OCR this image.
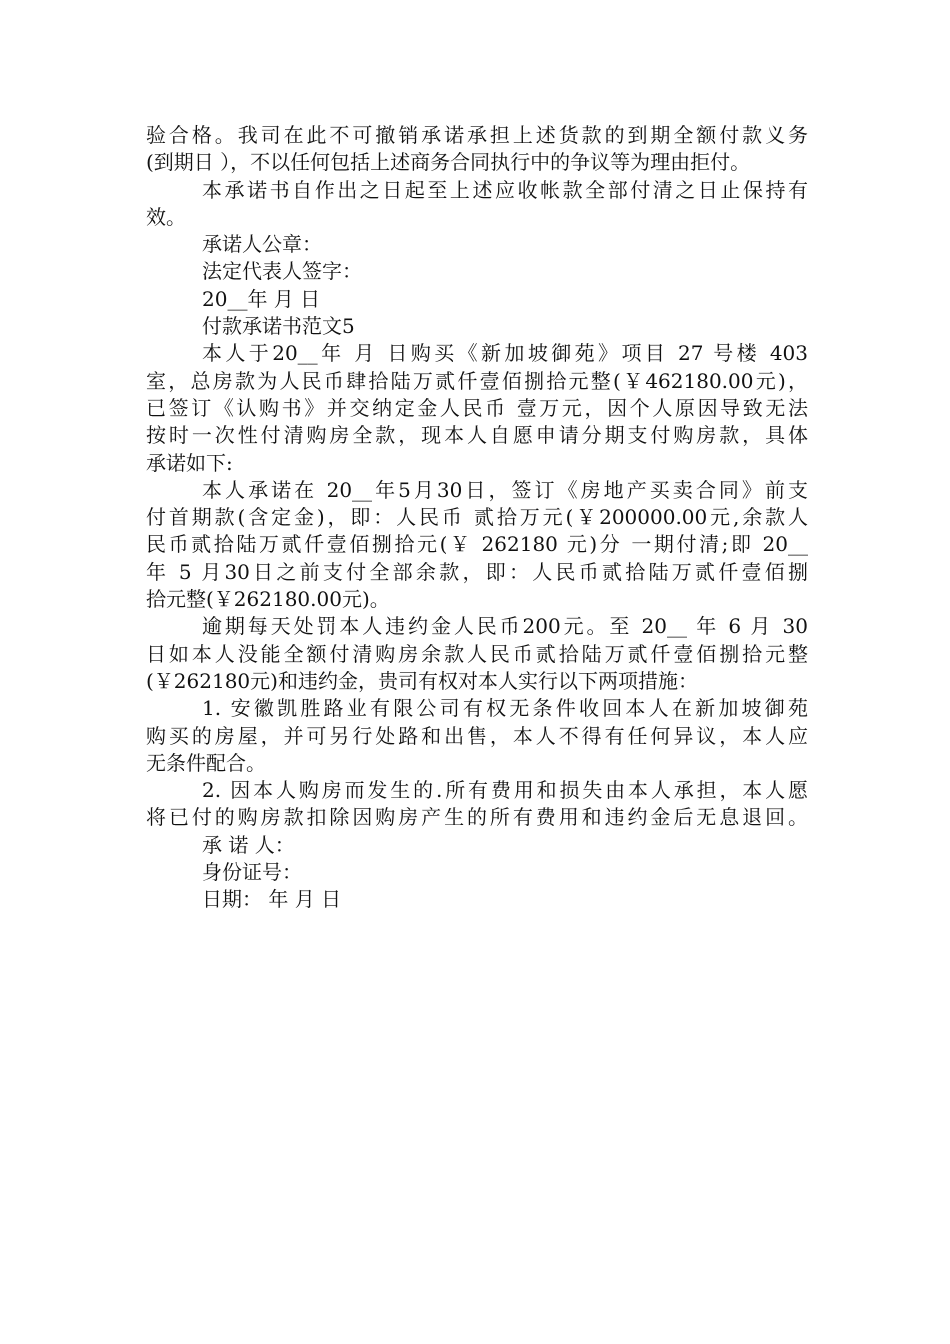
验合格。我司在此不可撤销承诺承担上述货款的到期全额付款义务
(到期日 ），不以任何包括上述商务合同执行中的争议等为理由拒付。
本承诺书自作出之日起至上述应收帐款全部付清之日止保持有
效。
承诺人公章：
法定代表人签字：
20__年 月 日
付款承诺书范文5
本人于20__年 月 日购买《新加坡御苑》项目 27 号楼 403
室，总房款为人民币肆拾陆万贰仟壹佰捌拾元整(￥462180.00元)，
已签订《认购书》并交纳定金人民币 壹万元，因个人原因导致无法
按时一次性付清购房全款，现本人自愿申请分期支付购房款，具体
承诺如下:
本人承诺在 20__年5月30日，签订《房地产买卖合同》前支
付首期款(含定金)，即：人民币 贰拾万元(￥200000.00元,余款人
民币贰拾陆万贰仟壹佰捌拾元(￥ 262180 元)分 一期付清;即 20__
年 5 月30日之前支付全部余款，即：人民币贰拾陆万贰仟壹佰捌
拾元整(￥262180.00元)。
逾期每天处罚本人违约金人民币200元。至 20__ 年 6 月 30
日如本人没能全额付清购房余款人民币贰拾陆万贰仟壹佰捌拾元整
(￥262180元)和违约金，贵司有权对本人实行以下两项措施：
1. 安徽凯胜路业有限公司有权无条件收回本人在新加坡御苑
购买的房屋，并可另行处路和出售，本人不得有任何异议，本人应
无条件配合。
2. 因本人购房而发生的.所有费用和损失由本人承担，本人愿
将已付的购房款扣除因购房产生的所有费用和违约金后无息退回。
承 诺 人：
身份证号：
日期： 年 月 日
